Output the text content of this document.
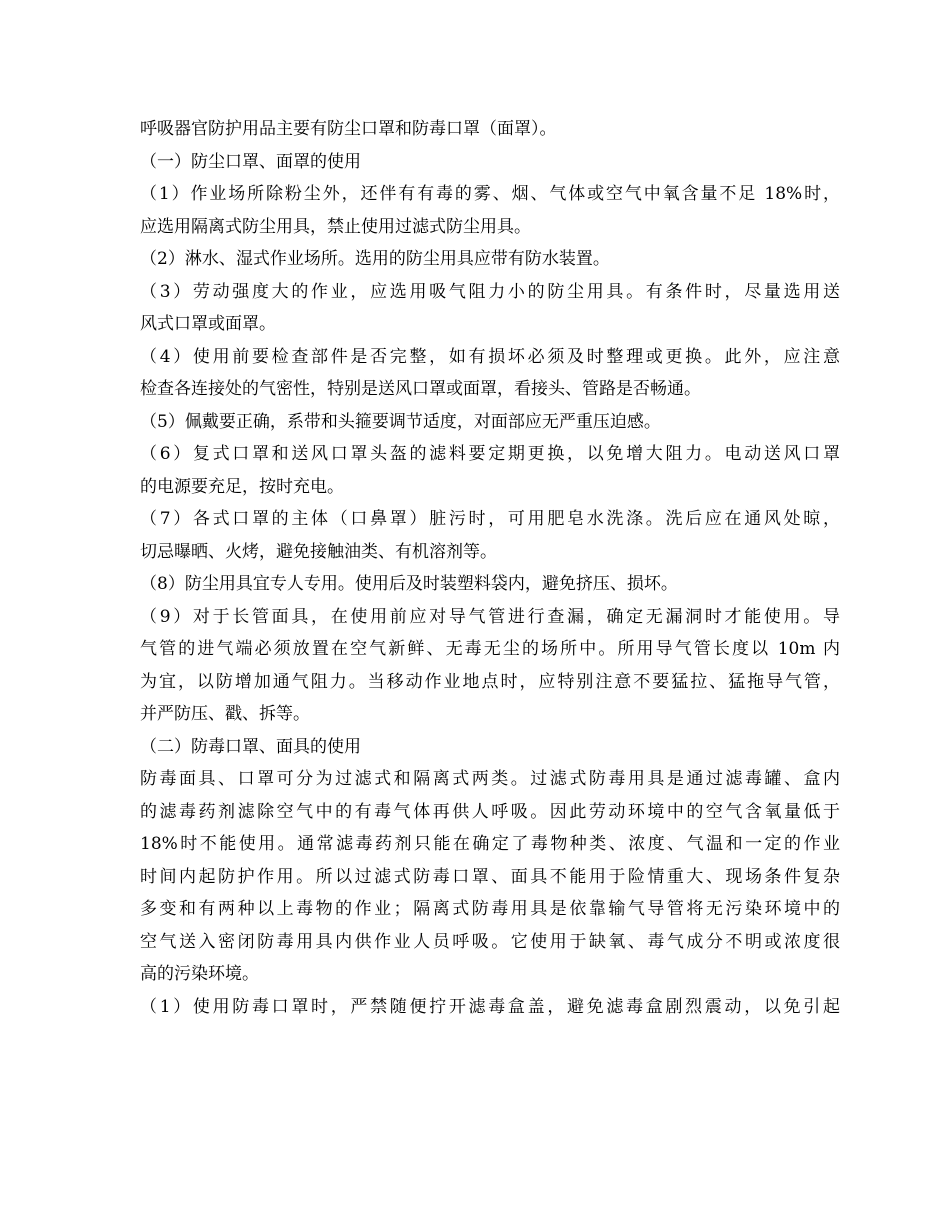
呼吸器官防护用品主要有防尘口罩和防毒口罩（面罩）。
（一）防尘口罩、面罩的使用
（1）作业场所除粉尘外，还伴有有毒的雾、烟、气体或空气中氧含量不足 18%时，
应选用隔离式防尘用具，禁止使用过滤式防尘用具。
（2）淋水、湿式作业场所。选用的防尘用具应带有防水装置。
（3）劳动强度大的作业，应选用吸气阻力小的防尘用具。有条件时，尽量选用送
风式口罩或面罩。
（4）使用前要检查部件是否完整，如有损坏必须及时整理或更换。此外，应注意
检查各连接处的气密性，特别是送风口罩或面罩，看接头、管路是否畅通。
（5）佩戴要正确，系带和头箍要调节适度，对面部应无严重压迫感。
（6）复式口罩和送风口罩头盔的滤料要定期更换，以免增大阻力。电动送风口罩
的电源要充足，按时充电。
（7）各式口罩的主体（口鼻罩）脏污时，可用肥皂水洗涤。洗后应在通风处晾，
切忌曝晒、火烤，避免接触油类、有机溶剂等。
（8）防尘用具宜专人专用。使用后及时装塑料袋内，避免挤压、损坏。
（9）对于长管面具，在使用前应对导气管进行查漏，确定无漏洞时才能使用。导
气管的进气端必须放置在空气新鲜、无毒无尘的场所中。所用导气管长度以 10m 内
为宜，以防增加通气阻力。当移动作业地点时，应特别注意不要猛拉、猛拖导气管，
并严防压、戳、拆等。
（二）防毒口罩、面具的使用
防毒面具、口罩可分为过滤式和隔离式两类。过滤式防毒用具是通过滤毒罐、盒内
的滤毒药剂滤除空气中的有毒气体再供人呼吸。因此劳动环境中的空气含氧量低于
18%时不能使用。通常滤毒药剂只能在确定了毒物种类、浓度、气温和一定的作业
时间内起防护作用。所以过滤式防毒口罩、面具不能用于险情重大、现场条件复杂
多变和有两种以上毒物的作业；隔离式防毒用具是依靠输气导管将无污染环境中的
空气送入密闭防毒用具内供作业人员呼吸。它使用于缺氧、毒气成分不明或浓度很
高的污染环境。
（1）使用防毒口罩时，严禁随便拧开滤毒盒盖，避免滤毒盒剧烈震动，以免引起
